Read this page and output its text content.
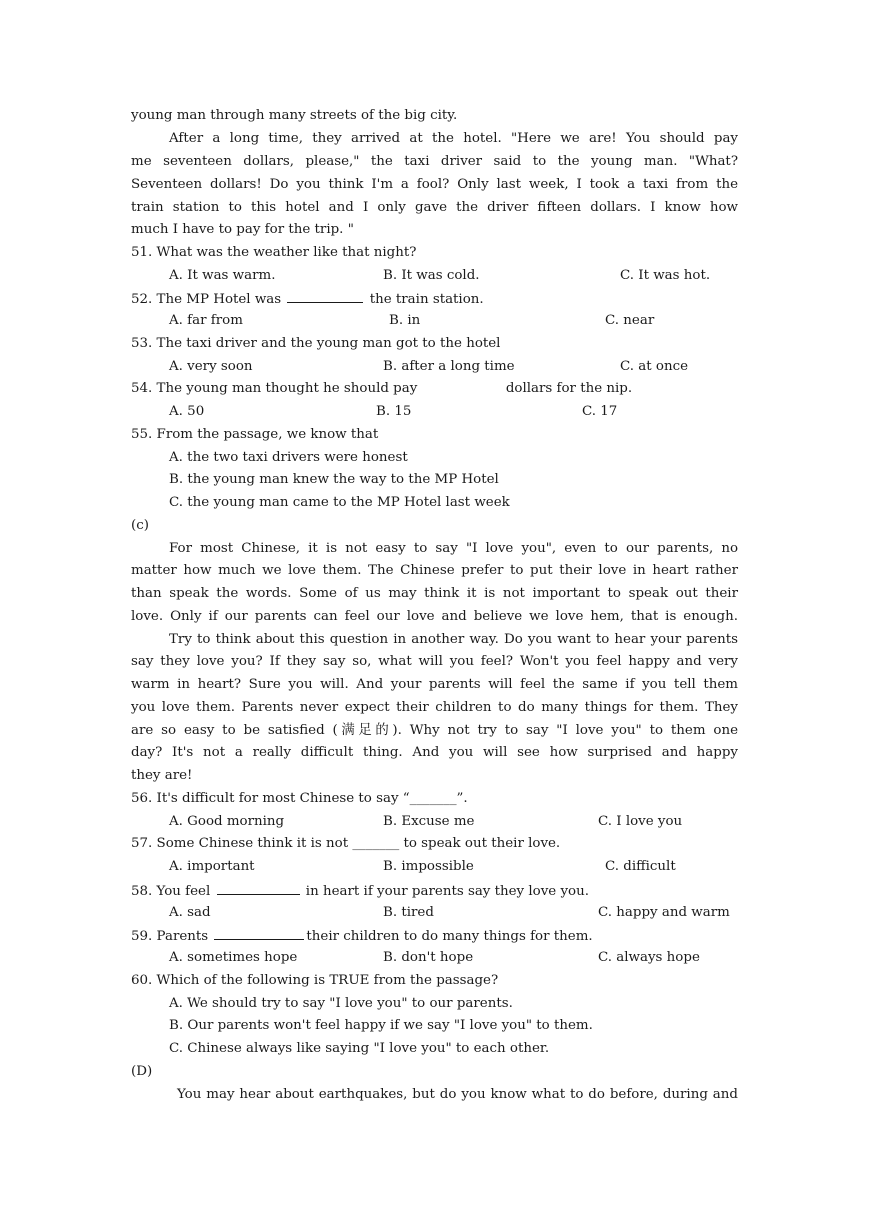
young man through many streets of the big city.
After a long time, they arrived at the hotel. "Here we are! You should pay
me seventeen dollars, please," the taxi driver said to the young man. "What?
Seventeen dollars! Do you think I'm a fool? Only last week, I took a taxi from the
train station to this hotel and I only gave the driver fifteen dollars. I know how
much I have to pay for the trip. "
51. What was the weather like that night?
A. It was warm.	B. It was cold.	C. It was hot.
52. The MP Hotel was	the train station.
A. far from	B. in	C. near
53. The taxi driver and the young man got to the hotel
A. very soon	B. after a long time	C. at once
54. The young man thought he should pay	dollars for the nip.
A. 50	B. 15	C. 17
55. From the passage, we know that
A. the two taxi drivers were honest
B. the young man knew the way to the MP Hotel
C. the young man came to the MP Hotel last week
(c)
For most Chinese, it is not easy to say "I love you", even to our parents, no
matter how much we love them. The Chinese prefer to put their love in heart rather
than speak the words. Some of us may think it is not important to speak out their
love. Only if our parents can feel our love and believe we love hem, that is enough.
Try to think about this question in another way. Do you want to hear your parents
say they love you? If they say so, what will you feel? Won't you feel happy and very
warm in heart? Sure you will. And your parents will feel the same if you tell them
you love them. Parents never expect their children to do many things for them. They
are so easy to be satisfied (满足的). Why not try to say "I love you" to them one
day? It's not a really difficult thing. And you will see how surprised and happy
they are!
56. It's difficult for most Chinese to say “_______”.
A. Good morning	B. Excuse me	C. I love you
57. Some Chinese think it is not _______ to speak out their love.
A. important	B. impossible	C. difficult
58. You feel	in heart if your parents say they love you.
A. sad	B. tired	C. happy and warm
59. Parents	their children to do many things for them.
A. sometimes hope	B. don't hope	C. always hope
60. Which of the following is TRUE from the passage?
A. We should try to say "I love you" to our parents.
B. Our parents won't feel happy if we say "I love you" to them.
C. Chinese always like saying "I love you" to each other.
(D)
You may hear about earthquakes, but do you know what to do before, during and
